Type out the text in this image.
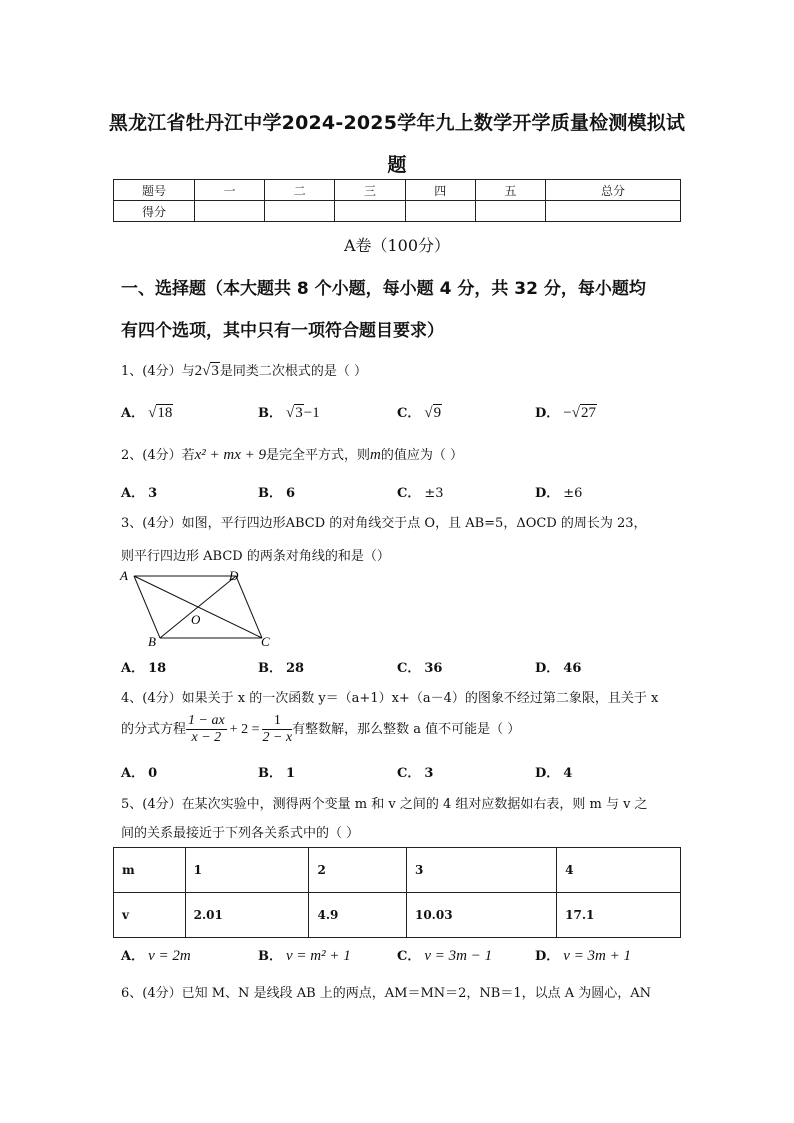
黑龙江省牡丹江中学2024-2025学年九上数学开学质量检测模拟试
题
题号	一	二	三	四	五	总分
得分						
A卷（100分）
一、选择题（本大题共 8 个小题，每小题 4 分，共 32 分，每小题均
有四个选项，其中只有一项符合题目要求）
1、(4分）与2√3是同类二次根式的是（ ）
A． √18	B． √3−1	C． √9	D． −√27
2、(4分）若x² + mx + 9是完全平方式，则m的值应为（ ）
A． 3	B． 6	C． ±3	D． ±6
3、(4分）如图，平行四边形ABCD 的对角线交于点 O，且 AB=5，ΔOCD 的周长为 23，
则平行四边形 ABCD 的两条对角线的和是（）
A	D
B	C
O
A． 18	B． 28	C． 36	D． 46
4、(4分）如果关于 x 的一次函数 y＝（a+1）x+（a－4）的图象不经过第二象限，且关于 x
的分式方程 $\frac{1 - ax}{x - 2} + 2 = \frac{1}{2 - x}$ 有整数解，那么整数 a 值不可能是（ ）
A． 0	B． 1	C． 3	D． 4
5、(4分）在某次实验中，测得两个变量 m 和 v 之间的 4 组对应数据如右表，则 m 与 v 之
间的关系最接近于下列各关系式中的（ ）
m	1	2	3	4
v	2.01	4.9	10.03	17.1
A． v = 2m	B． v = m² + 1	C． v = 3m − 1	D． v = 3m + 1
6、(4分）已知 M、N 是线段 AB 上的两点，AM＝MN＝2，NB＝1，以点 A 为圆心，AN
